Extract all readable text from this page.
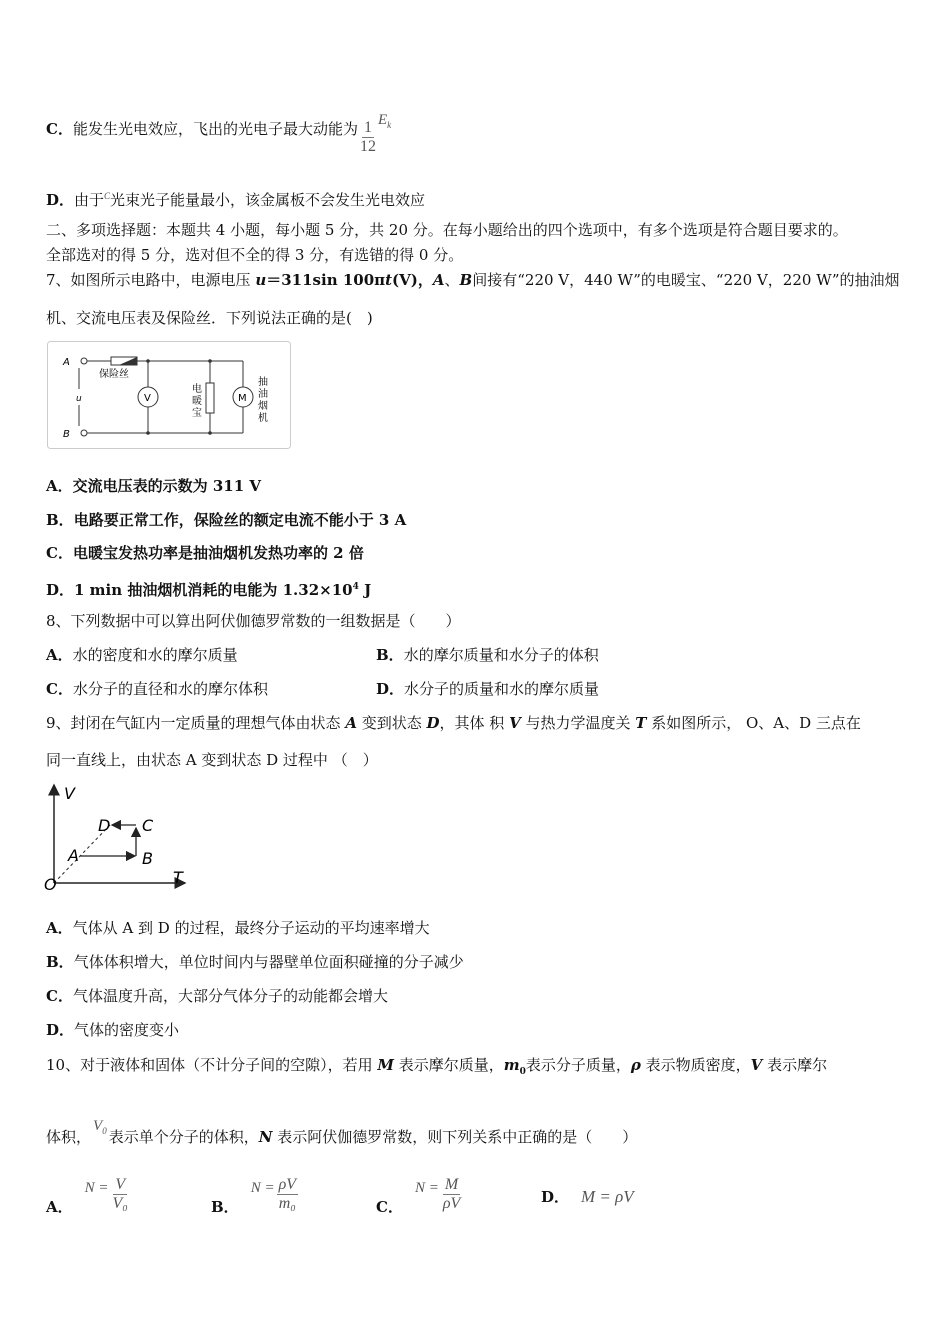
C．能发生光电效应，飞出的光电子最大动能为 $\frac{1}{12} E_k$
D．由于$^C$光束光子能量最小，该金属板不会发生光电效应
二、多项选择题：本题共 4 小题，每小题 5 分，共 20 分。在每小题给出的四个选项中，有多个选项是符合题目要求的。
全部选对的得 5 分，选对但不全的得 3 分，有选错的得 0 分。
7、如图所示电路中，电源电压 u＝311sin 100πt(V)，A、B间接有“220 V，440 W”的电暖宝、“220 V，220 W”的抽油烟
机、交流电压表及保险丝．下列说法正确的是(　)
A
B
u
保险丝
V
电
暖
宝
M
抽
油
烟
机
A．交流电压表的示数为 311 V
B．电路要正常工作，保险丝的额定电流不能小于 3 A
C．电暖宝发热功率是抽油烟机发热功率的 2 倍
D．1 min 抽油烟机消耗的电能为 $1.32\times 10^4$ J
8、下列数据中可以算出阿伏伽德罗常数的一组数据是（　　）
A．水的密度和水的摩尔质量	B．水的摩尔质量和水分子的体积
C．水分子的直径和水的摩尔体积	D．水分子的质量和水的摩尔质量
9、封闭在气缸内一定质量的理想气体由状态 A 变到状态 D，其体 积 V 与热力学温度关 T 系如图所示， O、A、D 三点在
同一直线上，由状态 A 变到状态 D 过程中 （　）
V
T
O
A	B
C
D
A．气体从 A 到 D 的过程，最终分子运动的平均速率增大
B．气体体积增大，单位时间内与器壁单位面积碰撞的分子减少
C．气体温度升高，大部分气体分子的动能都会增大
D．气体的密度变小
10、对于液体和固体（不计分子间的空隙），若用 M 表示摩尔质量，$m_0$表示分子质量，ρ 表示物质密度，V 表示摩尔
体积，$V_0$ 表示单个分子的体积，N 表示阿伏伽德罗常数，则下列关系中正确的是（　　）
A．$N = \frac{V}{\text{V₀}}$	B．$N = \frac{\rho V}{\text{m₀}}$	C．$N = \frac{M}{\rho V}$	D． M = ρV
